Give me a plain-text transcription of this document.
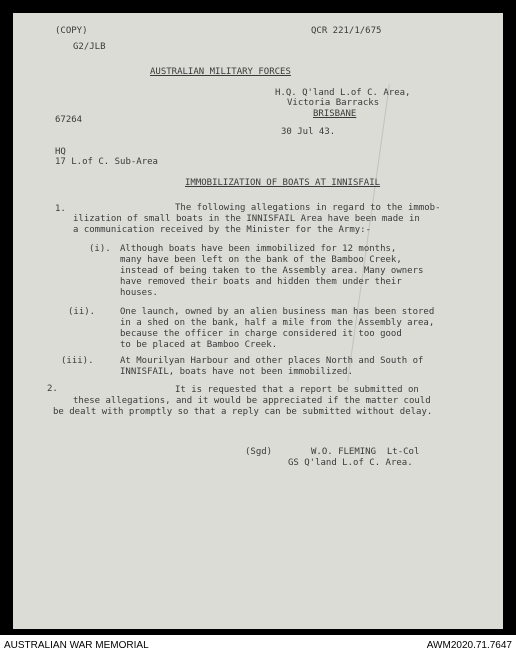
(COPY)
G2/JLB
QCR 221/1/675
AUSTRALIAN MILITARY FORCES
H.Q. Q'land L.of C. Area,
Victoria Barracks
BRISBANE
67264
30 Jul 43.
HQ
17 L.of C. Sub-Area
IMMOBILIZATION OF BOATS AT INNISFAIL
1.	The following allegations in regard to the immob-
ilization of small boats in the INNISFAIL Area have been made in
a communication received by the Minister for the Army:-
(i). Although boats have been immobilized for 12 months,
many have been left on the bank of the Bamboo Creek,
instead of being taken to the Assembly area. Many owners
have removed their boats and hidden them under their
houses.
(ii).	One launch, owned by an alien business man has been stored
in a shed on the bank, half a mile from the Assembly area,
because the officer in charge considered it too good
to be placed at Bamboo Creek.
(iii).	At Mourilyan Harbour and other places North and South of
INNISFAIL, boats have not been immobilized.
2.	It is requested that a report be submitted on
these allegations, and it would be appreciated if the matter could
be dealt with promptly so that a reply can be submitted without delay.
(Sgd)	W.O. FLEMING  Lt-Col
GS Q'land L.of C. Area.
AUSTRALIAN WAR MEMORIAL	AWM2020.71.7647
